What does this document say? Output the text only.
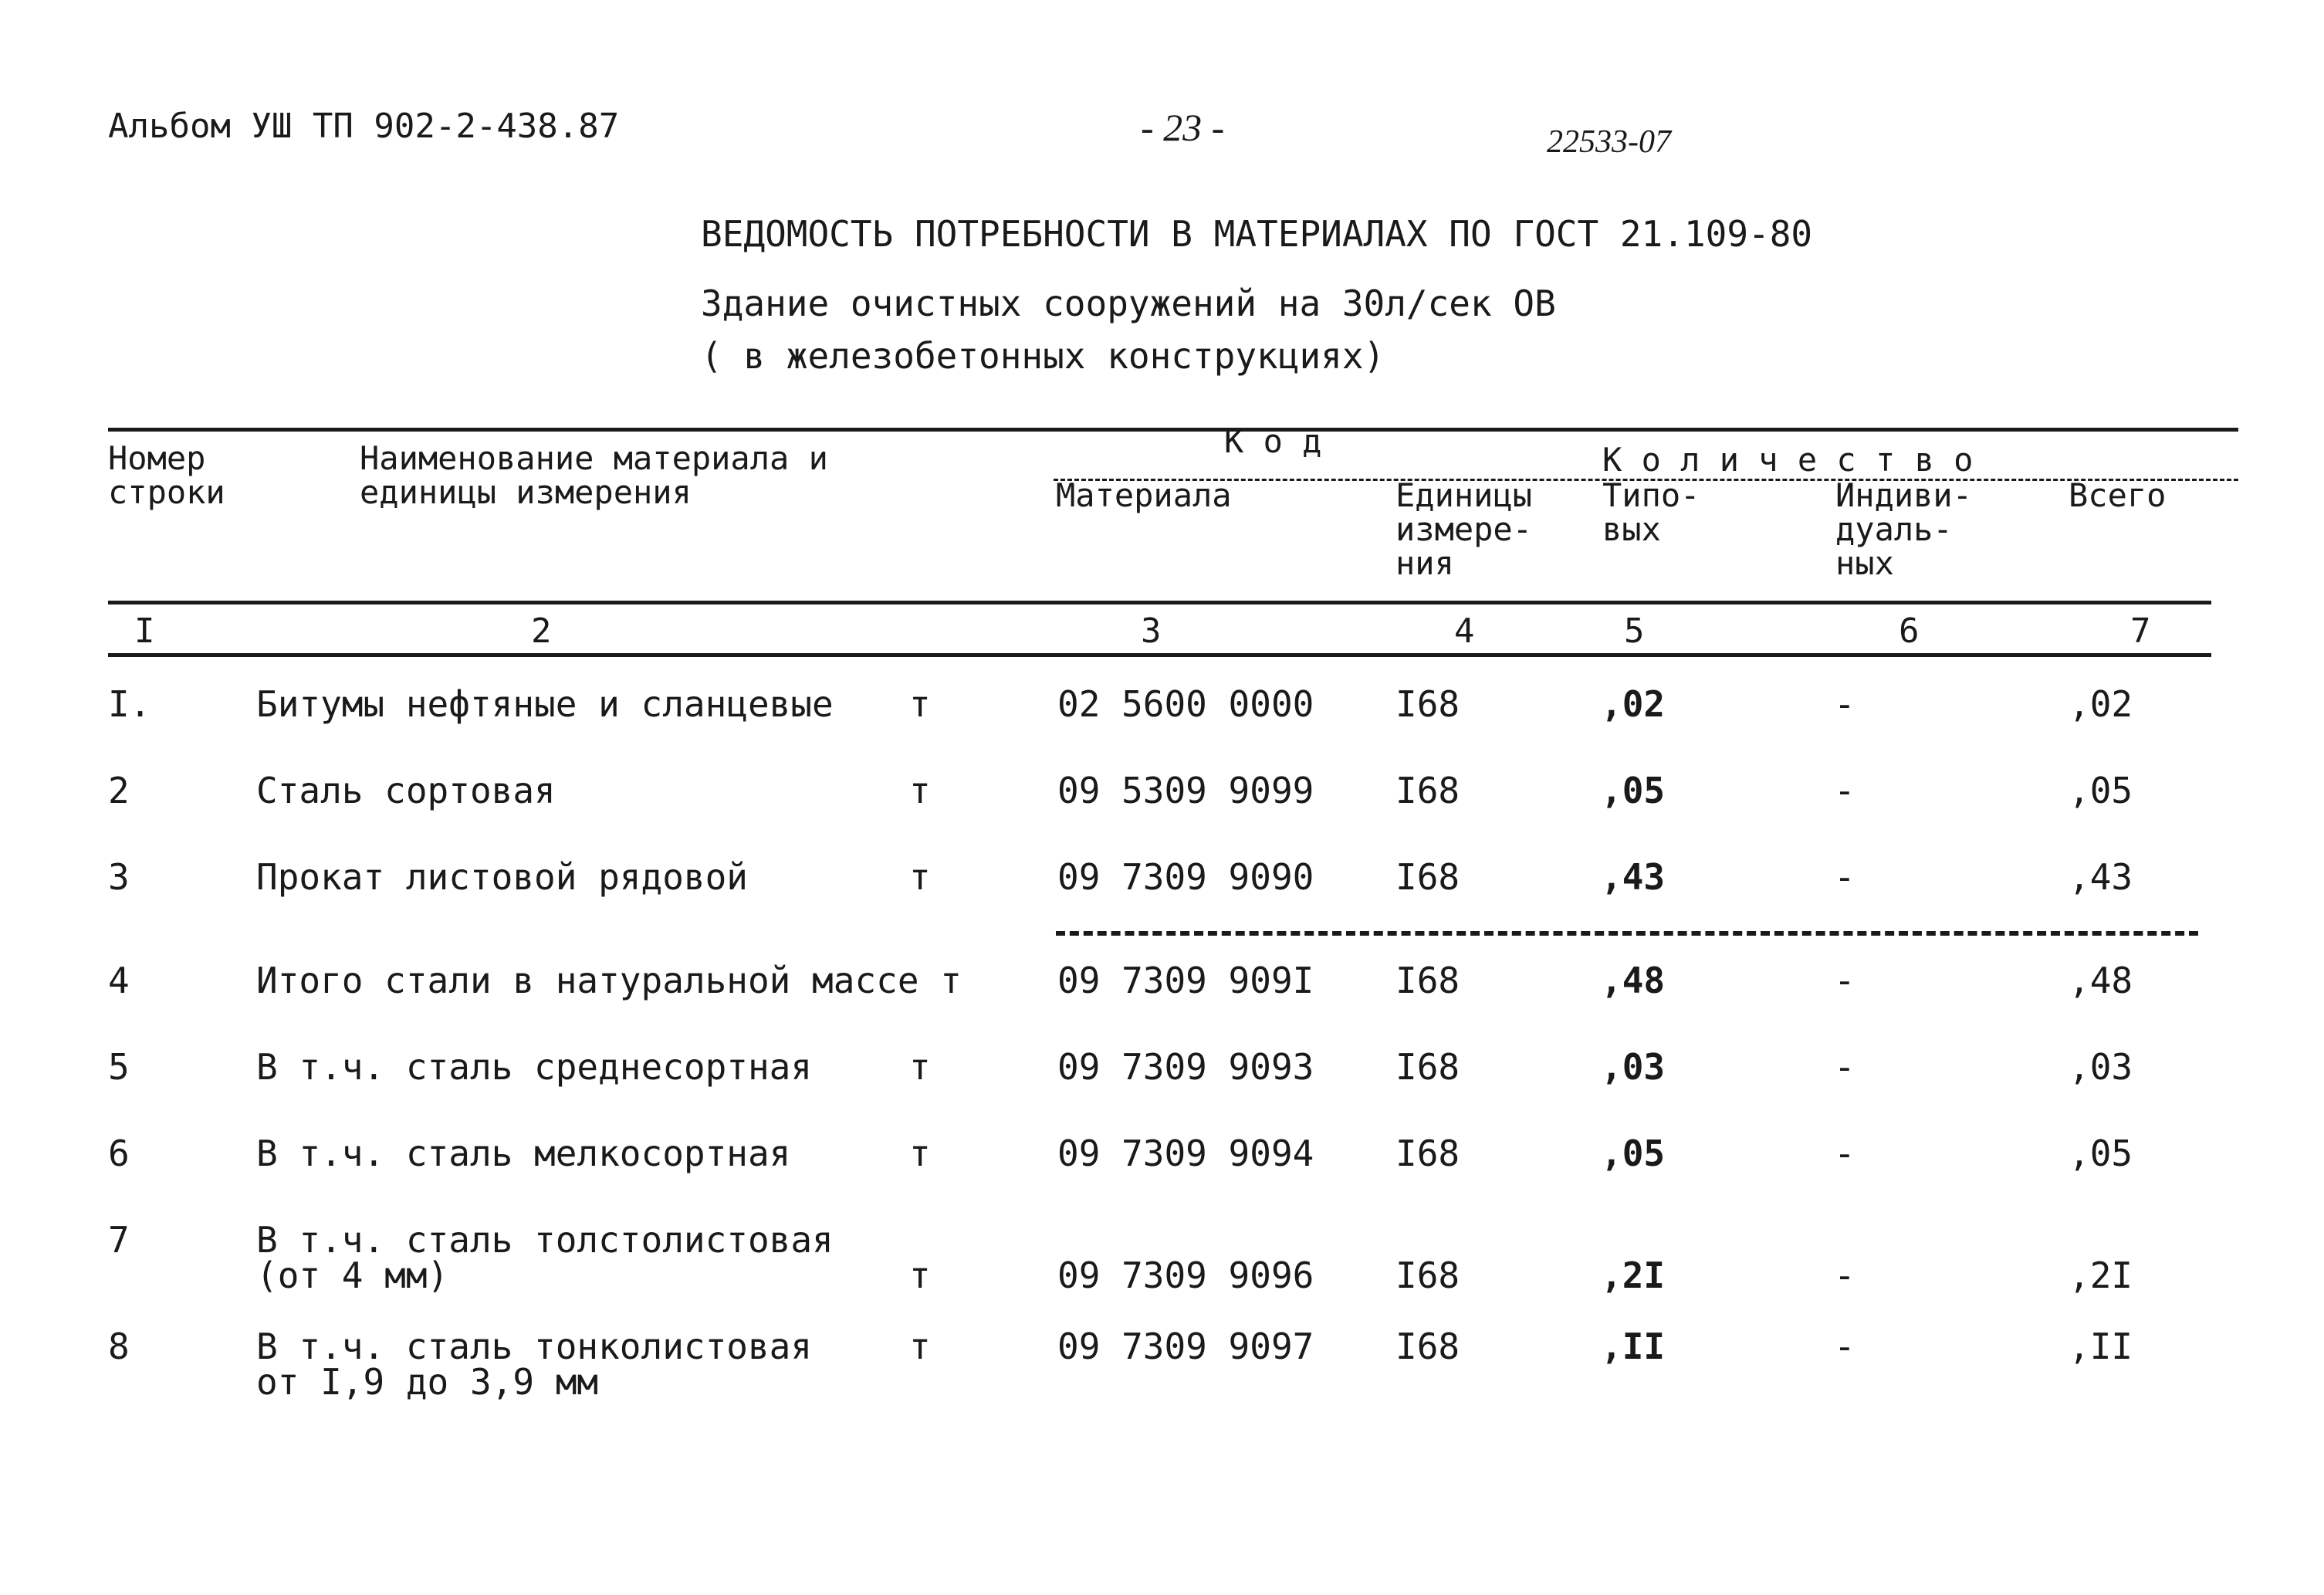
Альбом УШ ТП 902-2-438.87	- 23 -	22533-07
ВЕДОМОСТЬ ПОТРЕБНОСТИ В МАТЕРИАЛАХ ПО ГОСТ 21.109-80
Здание очистных сооружений на 30л/сек ОВ
( в железобетонных конструкциях)
Номер
строки
Наименование материала и
единицы измерения
К о д
Материала	Единицы
измере-
ния
К о л и ч е с т в о
Типо-
вых
Индиви-
дуаль-
ных
Всего
I	2	3	4	5	6	7
I.	Битумы нефтяные и сланцевые т	02 5600 0000 I68	,02	-	,02
2	Сталь сортовая	т	09 5309 9099 I68	,05	-	,05
3	Прокат листовой рядовой	т	09 7309 9090 I68	,43	-	,43
4	Итого стали в натуральной массе т	09 7309 909I I68	,48	-	,48
5	В т.ч. сталь среднесортная	т	09 7309 9093 I68	,03	-	,03
6	В т.ч. сталь мелкосортная	т	09 7309 9094 I68	,05	-	,05
7	В т.ч. сталь толстолистовая
(от 4 мм)	т	09 7309 9096 I68	,2I	-	,2I
8	В т.ч. сталь тонколистовая
от I,9 до 3,9 мм
т	09 7309 9097 I68	,II	-	,II
